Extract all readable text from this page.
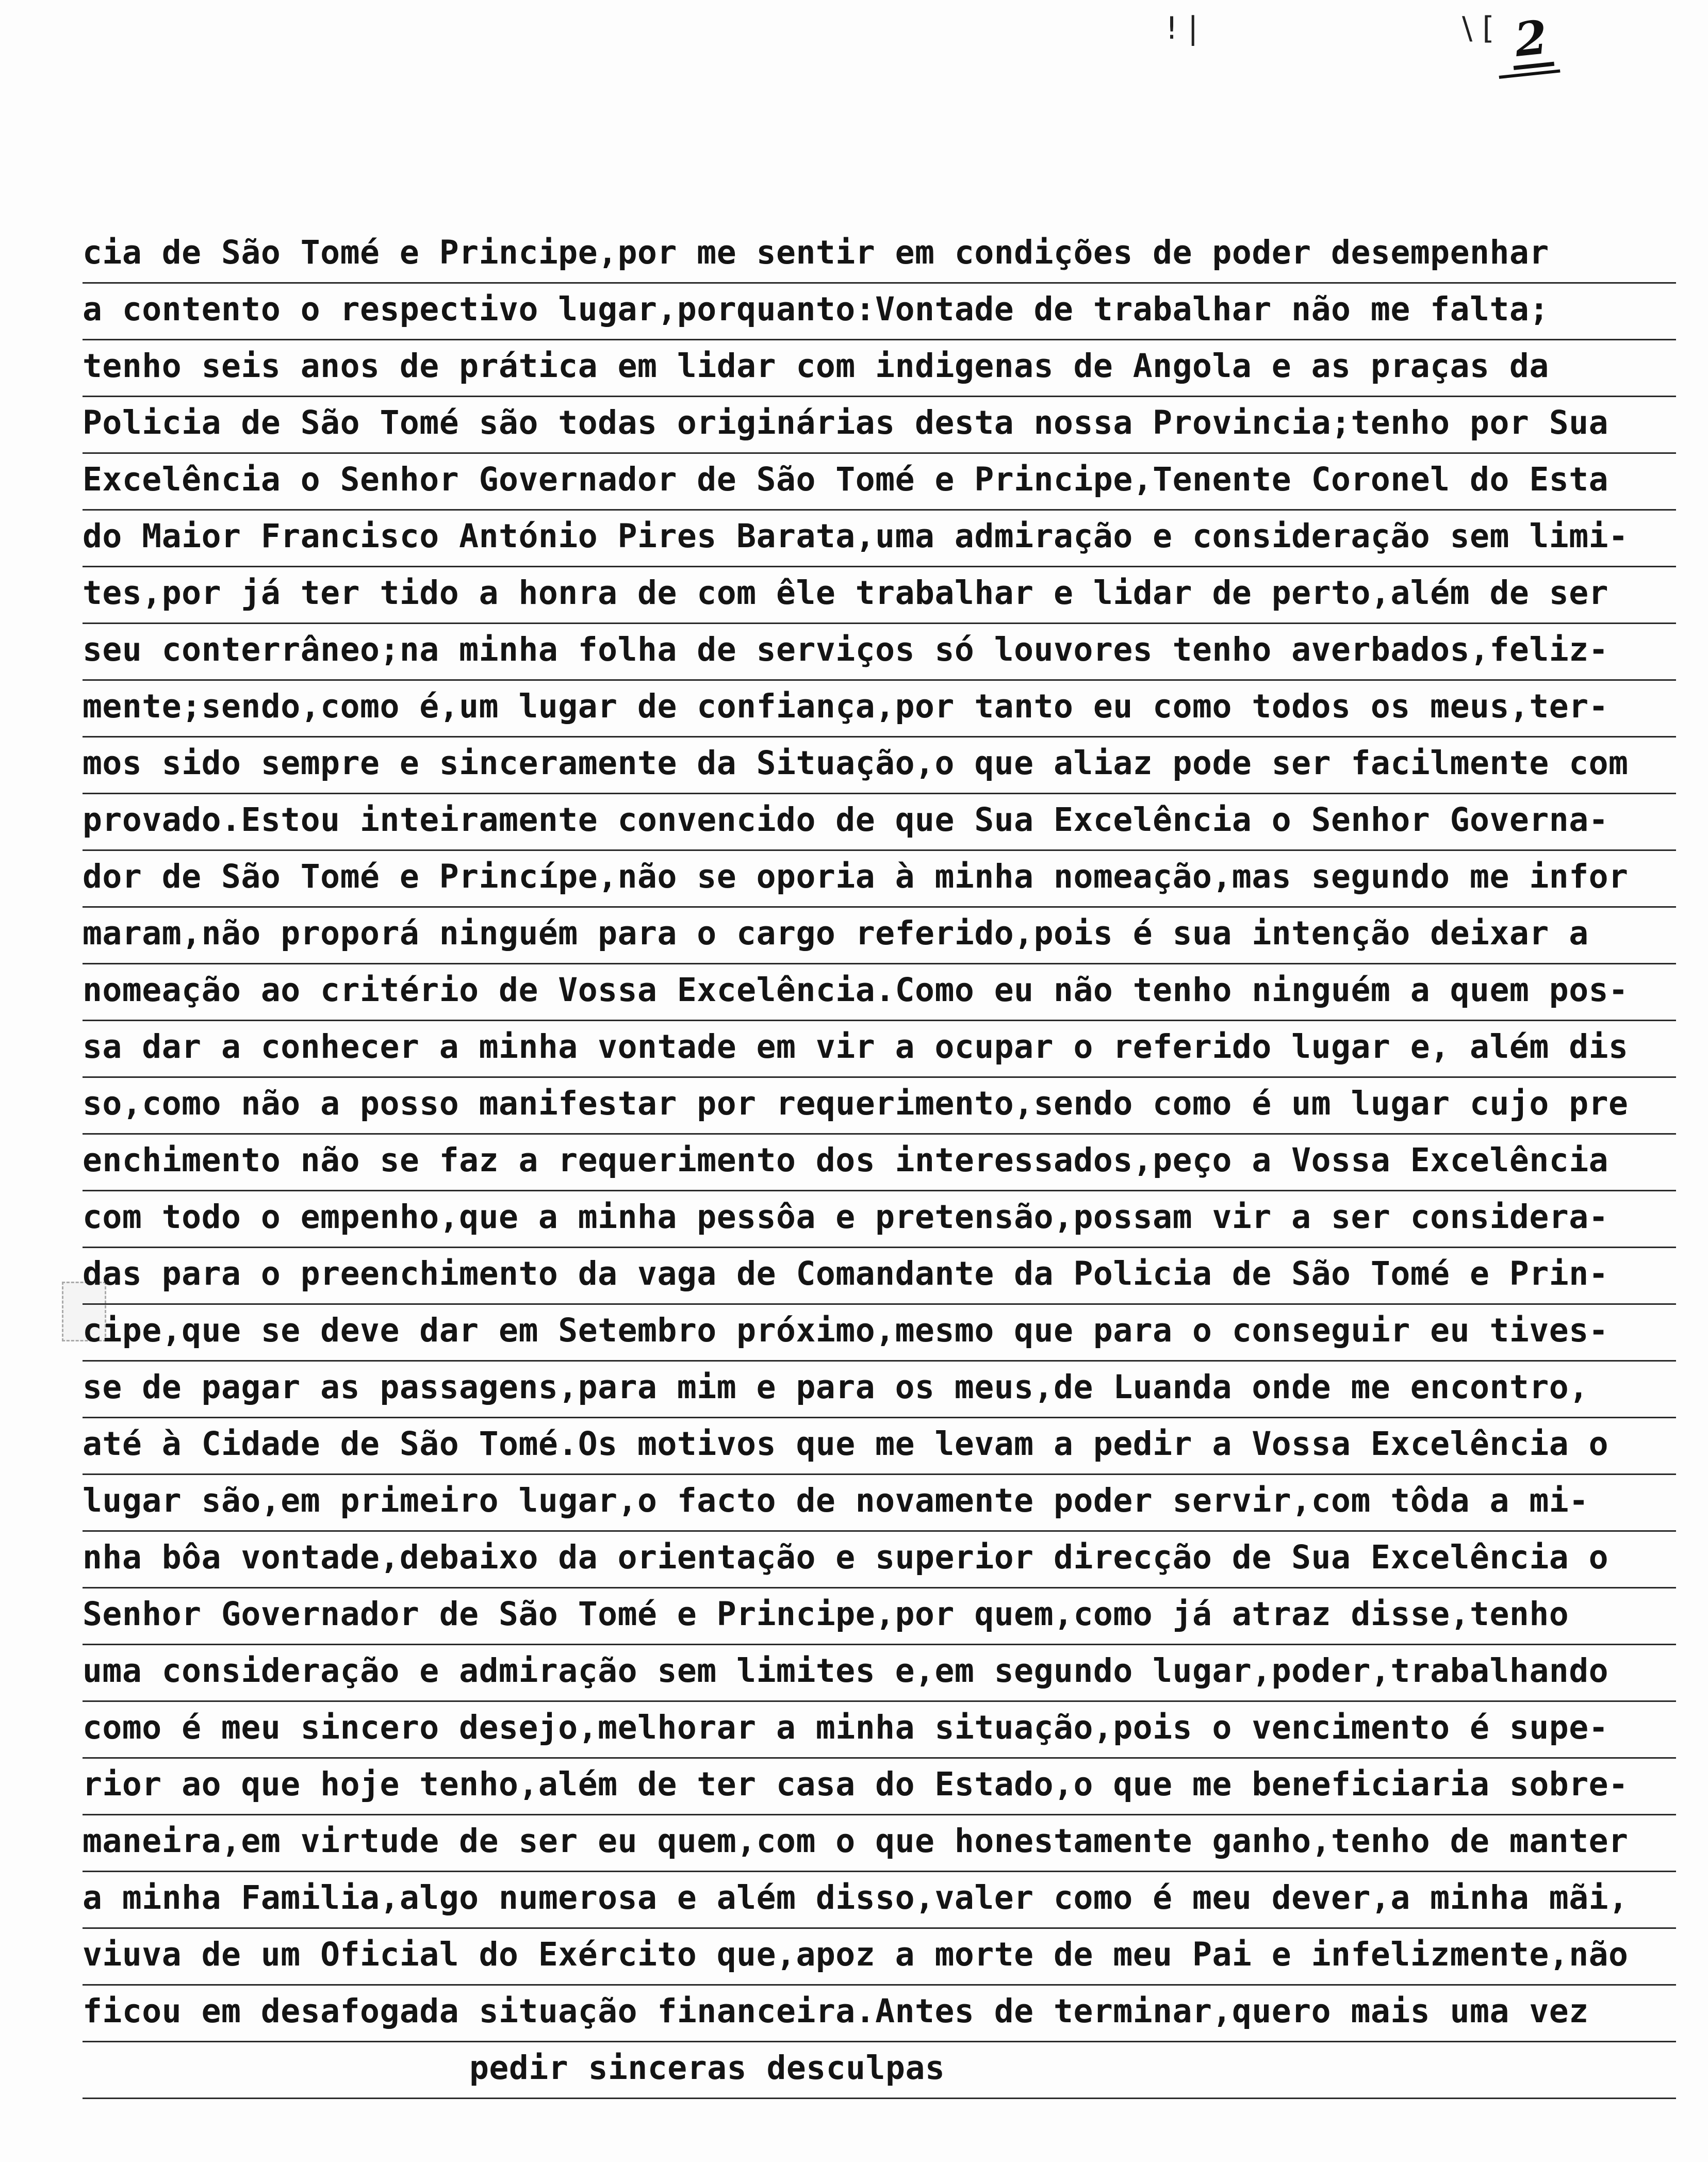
! |	\ [ 2
cia de São Tomé e Principe,por me sentir em condições de poder desempenhar
a contento o respectivo lugar,porquanto:Vontade de trabalhar não me falta;
tenho seis anos de prática em lidar com indigenas de Angola e as praças da
Policia de São Tomé são todas originárias desta nossa Provincia;tenho por Sua
Excelência o Senhor Governador de São Tomé e Principe,Tenente Coronel do Esta
do Maior Francisco António Pires Barata,uma admiração e consideração sem limi-
tes,por já ter tido a honra de com êle trabalhar e lidar de perto,além de ser
seu conterrâneo;na minha folha de serviços só louvores tenho averbados,feliz-
mente;sendo,como é,um lugar de confiança,por tanto eu como todos os meus,ter-
mos sido sempre e sinceramente da Situação,o que aliaz pode ser facilmente com
provado.Estou inteiramente convencido de que Sua Excelência o Senhor Governa-
dor de São Tomé e Princípe,não se oporia à minha nomeação,mas segundo me infor
maram,não proporá ninguém para o cargo referido,pois é sua intenção deixar a
nomeação ao critério de Vossa Excelência.Como eu não tenho ninguém a quem pos-
sa dar a conhecer a minha vontade em vir a ocupar o referido lugar e, além dis
so,como não a posso manifestar por requerimento,sendo como é um lugar cujo pre
enchimento não se faz a requerimento dos interessados,peço a Vossa Excelência
com todo o empenho,que a minha pessôa e pretensão,possam vir a ser considera-
das para o preenchimento da vaga de Comandante da Policia de São Tomé e Prin-
cipe,que se deve dar em Setembro próximo,mesmo que para o conseguir eu tives-
se de pagar as passagens,para mim e para os meus,de Luanda onde me encontro,
até à Cidade de São Tomé.Os motivos que me levam a pedir a Vossa Excelência o
lugar são,em primeiro lugar,o facto de novamente poder servir,com tôda a mi-
nha bôa vontade,debaixo da orientação e superior direcção de Sua Excelência o
Senhor Governador de São Tomé e Principe,por quem,como já atraz disse,tenho
uma consideração e admiração sem limites e,em segundo lugar,poder,trabalhando
como é meu sincero desejo,melhorar a minha situação,pois o vencimento é supe-
rior ao que hoje tenho,além de ter casa do Estado,o que me beneficiaria sobre-
maneira,em virtude de ser eu quem,com o que honestamente ganho,tenho de manter
a minha Familia,algo numerosa e além disso,valer como é meu dever,a minha mãi,
viuva de um Oficial do Exército que,apoz a morte de meu Pai e infelizmente,não
ficou em desafogada situação financeira.Antes de terminar,quero mais uma vez
pedir sinceras desculpas
